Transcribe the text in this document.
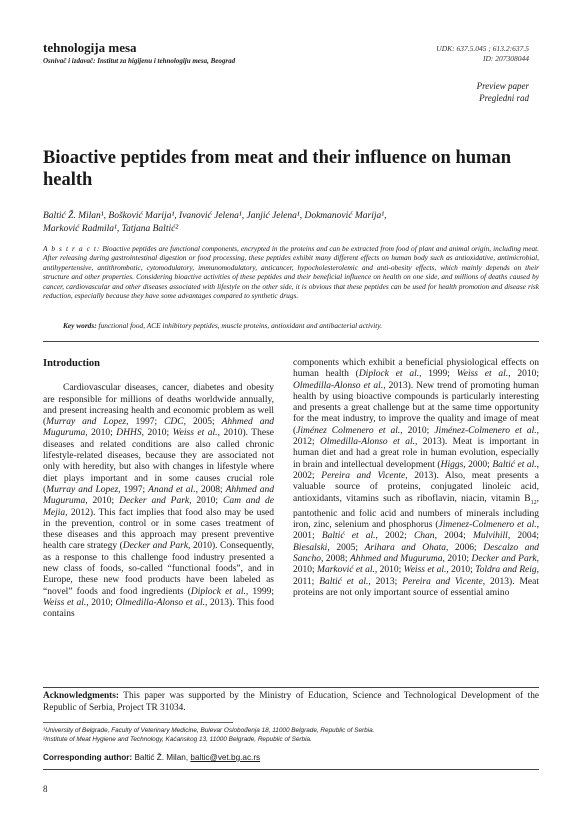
tehnologija mesa
Osnivač i izdavač: Institut za higijenu i tehnologiju mesa, Beograd
UDK: 637.5.045 ; 613.2:637.5
ID: 207308044
Preview paper
Pregledni rad
Bioactive peptides from meat and their influence on human health
Baltić Ž. Milan¹, Bošković Marija¹, Ivanović Jelena¹, Janjić Jelena¹, Dokmanović Marija¹,
Marković Radmila¹, Tatjana Baltić²
A b s t r a c t: Bioactive peptides are functional components, encrypted in the proteins and can be extracted from food of plant and animal origin, including meat. After releasing during gastrointestinal digestion or food processing, these peptides exhibit many different effects on human body such as antioxidative, antimicrobial, antihypertensive, antithrombotic, cytomodulatory, immunomodulatory, anticancer, hypocholesterolemic and anti-obesity effects, which mainly depends on their structure and other properties. Considering bioactive activities of these peptides and their beneficial influence on health on one side, and millions of deaths caused by cancer, cardiovascular and other diseases associated with lifestyle on the other side, it is obvious that these peptides can be used for health promotion and disease risk reduction, especially because they have some advantages compared to synthetic drugs.
Key words: functional food, ACE inhibitory peptides, muscle proteins, antioxidant and antibacterial activity.
Introduction

Cardiovascular diseases, cancer, diabetes and obesity are responsible for millions of deaths worldwide annually, and present increasing health and economic problem as well (Murray and Lopez, 1997; CDC, 2005; Ahhmed and Muguruma, 2010; DHHS, 2010; Weiss et al., 2010). These diseases and related conditions are also called chronic lifestyle-related diseases, because they are associated not only with heredity, but also with changes in lifestyle where diet plays important and in some causes crucial role (Murray and Lopez, 1997; Anand et al., 2008; Ahhmed and Muguruma, 2010; Decker and Park, 2010; Cam and de Mejia, 2012). This fact implies that food also may be used in the prevention, control or in some cases treatment of these diseases and this approach may present preventive health care strategy (Decker and Park, 2010). Consequently, as a response to this challenge food industry presented a new class of foods, so-called “functional foods”, and in Europe, these new food products have been labeled as “novel” foods and food ingredients (Diplock et al., 1999; Weiss et al., 2010; Olmedilla-Alonso et al., 2013). This food contains

components which exhibit a beneficial physiological effects on human health (Diplock et al., 1999; Weiss et al., 2010; Olmedilla-Alonso et al., 2013). New trend of promoting human health by using bioactive compounds is particularly interesting and presents a great challenge but at the same time opportunity for the meat industry, to improve the quality and image of meat (Jiménez Colmenero et al., 2010; Jiménez-Colmenero et al., 2012; Olmedilla-Alonso et al., 2013). Meat is important in human diet and had a great role in human evolution, especially in brain and intellectual development (Higgs, 2000; Baltić et al., 2002; Pereira and Vicente, 2013). Also, meat presents a valuable source of proteins, conjugated linoleic acid, antioxidants, vitamins such as riboflavin, niacin, vitamin $B_{12}$, pantothenic and folic acid and numbers of minerals including iron, zinc, selenium and phosphorus (Jimenez-Colmenero et al., 2001; Baltić et al., 2002; Chan, 2004; Mulvihill, 2004; Biesalski, 2005; Arihara and Ohata, 2006; Descalzo and Sancho, 2008; Ahhmed and Muguruma, 2010; Decker and Park, 2010; Marković et al., 2010; Weiss et al., 2010; Toldra and Reig, 2011; Baltić et al., 2013; Pereira and Vicente, 2013). Meat proteins are not only important source of essential amino

Acknowledgments: This paper was supported by the Ministry of Education, Science and Technological Development of the Republic of Serbia, Project TR 31034.
¹University of Belgrade, Faculty of Veterinary Medicine, Bulevar Oslobođenja 18, 11000 Belgrade, Republic of Serbia.
²Institute of Meat Hygiene and Technology, Kaćanskog 13, 11000 Belgrade, Republic of Serbia.
Corresponding author: Baltić Ž. Milan, baltic@vet.bg.ac.rs
8
